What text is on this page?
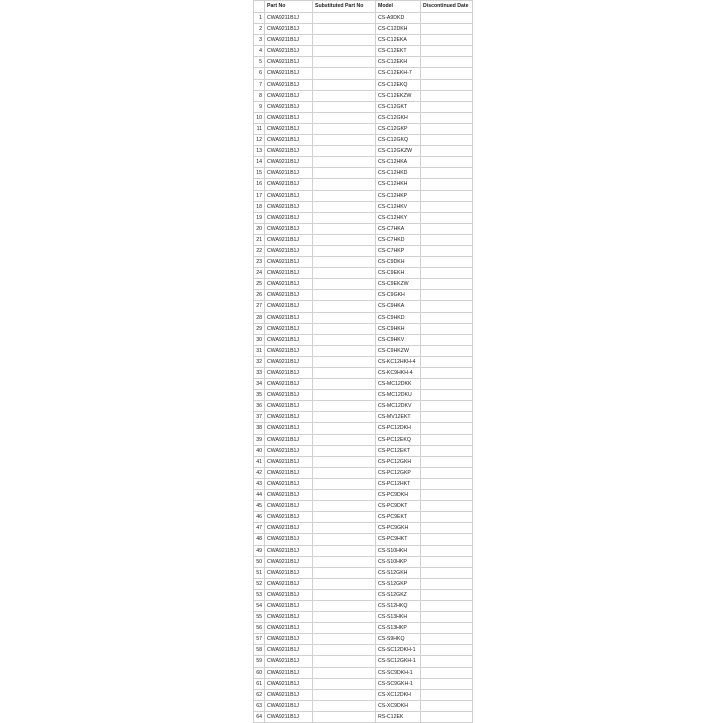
	Part No	Substituted Part No	Model	Discontinued Date
1	CWA9211B1J		CS-A9DKD	
2	CWA9211B1J		CS-C12DKH	
3	CWA9211B1J		CS-C12EKA	
4	CWA9211B1J		CS-C12EKT	
5	CWA9211B1J		CS-C12EKH	
6	CWA9211B1J		CS-C12EKH-7	
7	CWA9211B1J		CS-C12EKQ	
8	CWA9211B1J		CS-C12EKZW	
9	CWA9211B1J		CS-C12GKT	
10	CWA9211B1J		CS-C12GKH	
11	CWA9211B1J		CS-C12GKP	
12	CWA9211B1J		CS-C12GKQ	
13	CWA9211B1J		CS-C12GKZW	
14	CWA9211B1J		CS-C12HKA	
15	CWA9211B1J		CS-C12HKD	
16	CWA9211B1J		CS-C12HKH	
17	CWA9211B1J		CS-C12HKP	
18	CWA9211B1J		CS-C12HKV	
19	CWA9211B1J		CS-C12HKY	
20	CWA9211B1J		CS-C7HKA	
21	CWA9211B1J		CS-C7HKD	
22	CWA9211B1J		CS-C7HKP	
23	CWA9211B1J		CS-C9DKH	
24	CWA9211B1J		CS-C9EKH	
25	CWA9211B1J		CS-C9EKZW	
26	CWA9211B1J		CS-C9GKH	
27	CWA9211B1J		CS-C9HKA	
28	CWA9211B1J		CS-C9HKD	
29	CWA9211B1J		CS-C9HKH	
30	CWA9211B1J		CS-C9HKV	
31	CWA9211B1J		CS-C9HKZW	
32	CWA9211B1J		CS-KC12HKH-4	
33	CWA9211B1J		CS-KC9HKH-4	
34	CWA9211B1J		CS-MC12DKK	
35	CWA9211B1J		CS-MC12DKU	
36	CWA9211B1J		CS-MC12DKV	
37	CWA9211B1J		CS-MV12EKT	
38	CWA9211B1J		CS-PC12DKH	
39	CWA9211B1J		CS-PC12EKQ	
40	CWA9211B1J		CS-PC12EKT	
41	CWA9211B1J		CS-PC12GKH	
42	CWA9211B1J		CS-PC12GKP	
43	CWA9211B1J		CS-PC12HKT	
44	CWA9211B1J		CS-PC9DKH	
45	CWA9211B1J		CS-PC9DKT	
46	CWA9211B1J		CS-PC9EKT	
47	CWA9211B1J		CS-PC9GKH	
48	CWA9211B1J		CS-PC9HKT	
49	CWA9211B1J		CS-S10HKH	
50	CWA9211B1J		CS-S10HKP	
51	CWA9211B1J		CS-S12GKH	
52	CWA9211B1J		CS-S12GKP	
53	CWA9211B1J		CS-S12GKZ	
54	CWA9211B1J		CS-S12HKQ	
55	CWA9211B1J		CS-S13HKH	
56	CWA9211B1J		CS-S13HKP	
57	CWA9211B1J		CS-S9HKQ	
58	CWA9211B1J		CS-SC12DKH-1	
59	CWA9211B1J		CS-SC12GKH-1	
60	CWA9211B1J		CS-SC9DKH-1	
61	CWA9211B1J		CS-SC9GKH-1	
62	CWA9211B1J		CS-XC12DKH	
63	CWA9211B1J		CS-XC9DKH	
64	CWA9211B1J		RS-C12EK	
